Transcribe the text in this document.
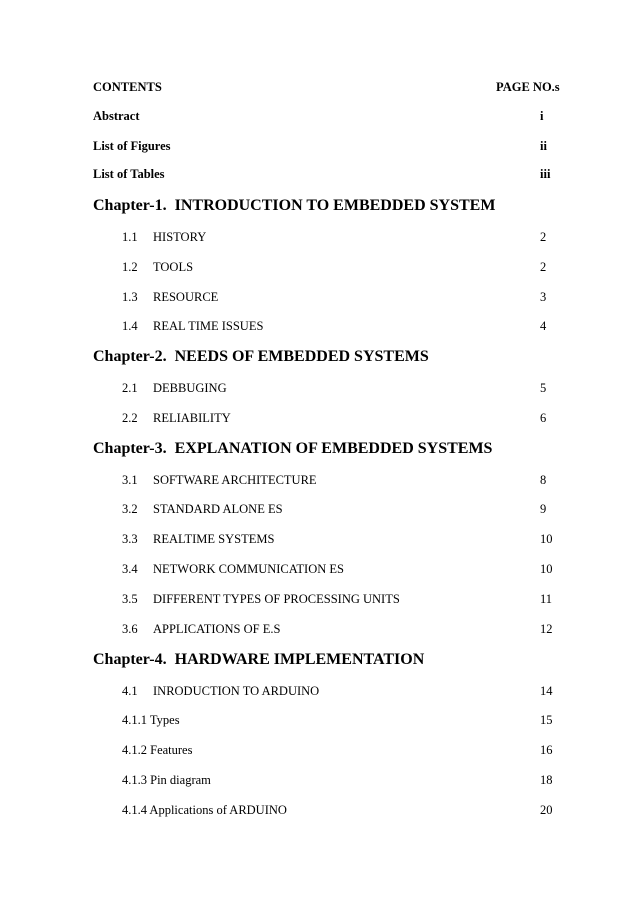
CONTENTS	PAGE NO.s
Abstract	i
List of Figures	ii
List of Tables	iii
Chapter-1.  INTRODUCTION TO EMBEDDED SYSTEM
1.1 HISTORY	2
1.2 TOOLS	2
1.3 RESOURCE	3
1.4 REAL TIME ISSUES	4
Chapter-2.  NEEDS OF EMBEDDED SYSTEMS
2.1 DEBBUGING	5
2.2 RELIABILITY	6
Chapter-3.  EXPLANATION OF EMBEDDED SYSTEMS
3.1 SOFTWARE ARCHITECTURE	8
3.2 STANDARD ALONE ES	9
3.3 REALTIME SYSTEMS	10
3.4 NETWORK COMMUNICATION ES	10
3.5 DIFFERENT TYPES OF PROCESSING UNITS	11
3.6 APPLICATIONS OF E.S	12
Chapter-4.  HARDWARE IMPLEMENTATION
4.1 INRODUCTION TO ARDUINO	14
4.1.1 Types	15
4.1.2 Features	16
4.1.3 Pin diagram	18
4.1.4 Applications of ARDUINO	20
